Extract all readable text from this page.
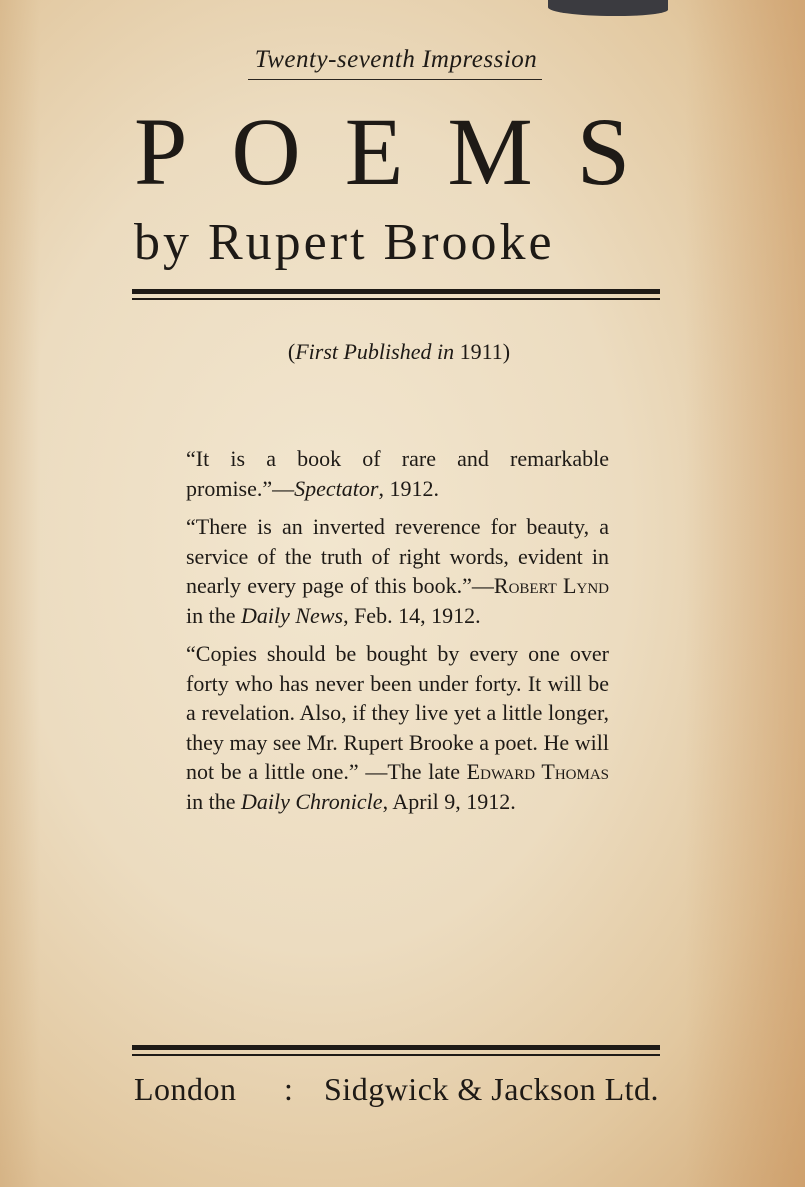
Twenty-seventh Impression
POEMS
by Rupert Brooke
(First Published in 1911)

“It is a book of rare and remarkable promise.”—Spectator, 1912.

“There is an inverted reverence for beauty, a service of the truth of right words, evident in nearly every page of this book.”—Robert Lynd in the Daily News, Feb. 14, 1912.

“Copies should be bought by every one over forty who has never been under forty. It will be a revelation. Also, if they live yet a little longer, they may see Mr. Rupert Brooke a poet. He will not be a little one.” —The late Edward Thomas in the Daily Chronicle, April 9, 1912.

London : Sidgwick & Jackson Ltd.
